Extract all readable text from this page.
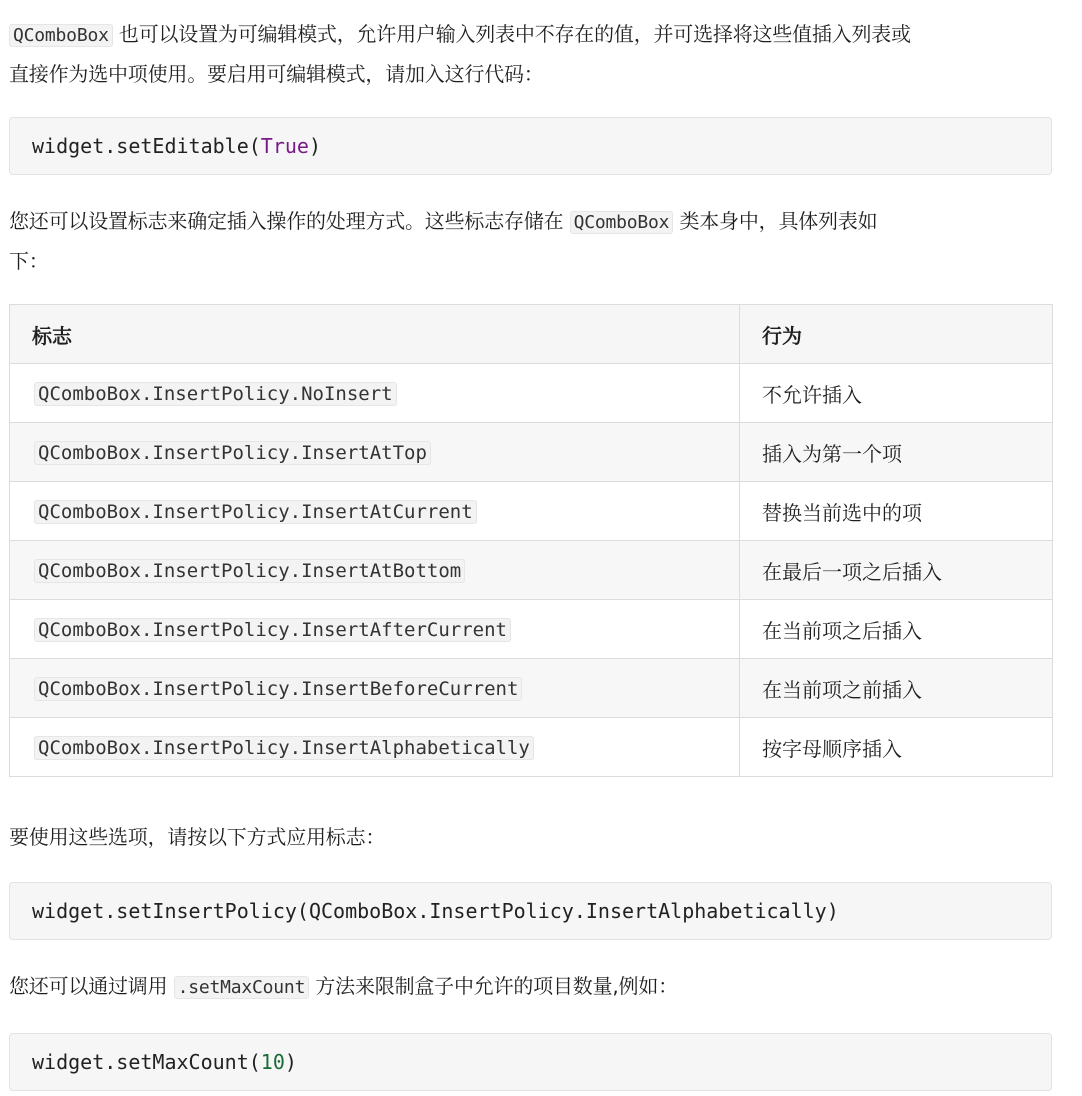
QComboBox 也可以设置为可编辑模式，允许用户输入列表中不存在的值，并可选择将这些值插入列表或
直接作为选中项使用。要启用可编辑模式，请加入这行代码：

widget.setEditable( True )

您还可以设置标志来确定插入操作的处理方式。这些标志存储在 QComboBox 类本身中，具体列表如
下：

标志	行为
QComboBox.InsertPolicy.NoInsert	不允许插入
QComboBox.InsertPolicy.InsertAtTop	插入为第一个项
QComboBox.InsertPolicy.InsertAtCurrent	替换当前选中的项
QComboBox.InsertPolicy.InsertAtBottom	在最后一项之后插入
QComboBox.InsertPolicy.InsertAfterCurrent	在当前项之后插入
QComboBox.InsertPolicy.InsertBeforeCurrent	在当前项之前插入
QComboBox.InsertPolicy.InsertAlphabetically	按字母顺序插入

要使用这些选项，请按以下方式应用标志：

widget.setInsertPolicy(QComboBox.InsertPolicy.InsertAlphabetically)

您还可以通过调用 .setMaxCount 方法来限制盒子中允许的项目数量,例如：

widget.setMaxCount( 10 )
